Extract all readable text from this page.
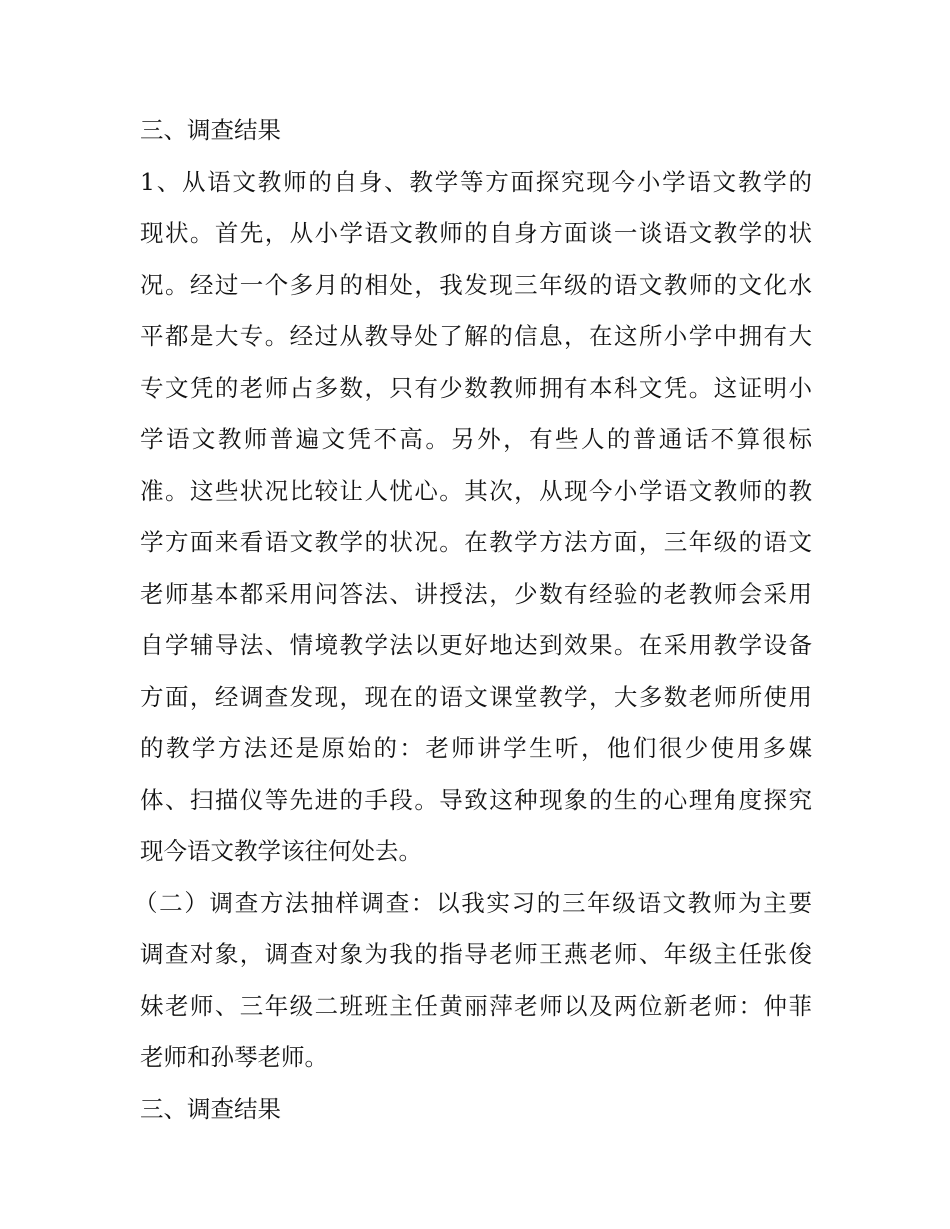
三、调查结果
1、从语文教师的自身、教学等方面探究现今小学语文教学的
现状。首先，从小学语文教师的自身方面谈一谈语文教学的状
况。经过一个多月的相处，我发现三年级的语文教师的文化水
平都是大专。经过从教导处了解的信息，在这所小学中拥有大
专文凭的老师占多数，只有少数教师拥有本科文凭。这证明小
学语文教师普遍文凭不高。另外，有些人的普通话不算很标
准。这些状况比较让人忧心。其次，从现今小学语文教师的教
学方面来看语文教学的状况。在教学方法方面，三年级的语文
老师基本都采用问答法、讲授法，少数有经验的老教师会采用
自学辅导法、情境教学法以更好地达到效果。在采用教学设备
方面，经调查发现，现在的语文课堂教学，大多数老师所使用
的教学方法还是原始的：老师讲学生听，他们很少使用多媒
体、扫描仪等先进的手段。导致这种现象的生的心理角度探究
现今语文教学该往何处去。
（二）调查方法抽样调查：以我实习的三年级语文教师为主要
调查对象，调查对象为我的指导老师王燕老师、年级主任张俊
妹老师、三年级二班班主任黄丽萍老师以及两位新老师：仲菲
老师和孙琴老师。
三、调查结果
